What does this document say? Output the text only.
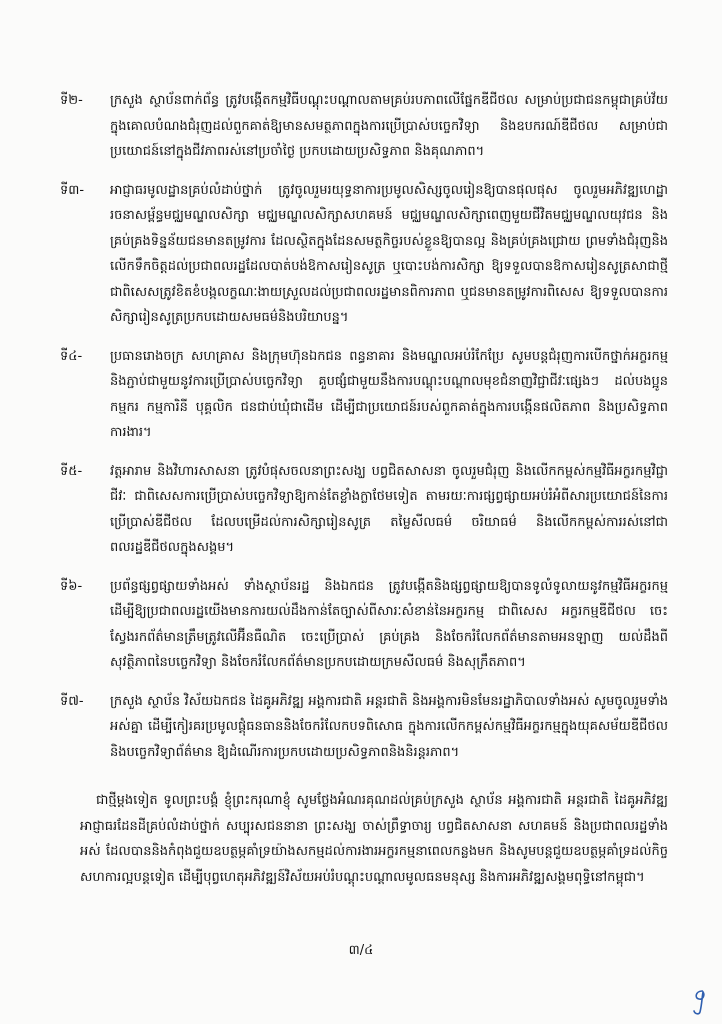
ទី២-	ក្រសួង ស្ថាប័នពាក់ព័ន្ធ ត្រូវបង្កើតកម្មវិធីបណ្តុះបណ្តាលតាមគ្រប់របភាពលើផ្នែកឌីជីថល សម្រាប់ប្រជាជនកម្ពុជាគ្រប់វ័យ ក្នុងគោលបំណងជំរុញដល់ពួកគាត់ឱ្យមានសមត្ថភាពក្នុងការប្រើប្រាស់បច្ចេកវិទ្យា និងឧបករណ៍ឌីជីថល សម្រាប់ជាប្រយោជន៍នៅក្នុងជីវភាពរស់នៅប្រចាំថ្ងៃ ប្រកបដោយប្រសិទ្ធភាព និងគុណភាព។
ទី៣-	អាជ្ញាធរមូលដ្ឋានគ្រប់លំដាប់ថ្នាក់ ត្រូវចូលរួមរយុទ្ធនាការប្រមូលសិស្សចូលរៀនឱ្យបានផុលផុស ចូលរួមអភិវឌ្ឍហេដ្ឋារចនាសម្ព័ន្ធមជ្ឈមណ្ឌលសិក្សា មជ្ឈមណ្ឌលសិក្សាសហគមន៍ មជ្ឈមណ្ឌលសិក្សាពេញមួយជីវិតមជ្ឈមណ្ឌលយុវជន និងគ្រប់គ្រងទិន្នន័យជនមានតម្រូវការ ដែលស្ថិតក្នុងដែនសមត្ថកិច្ចរបស់ខ្លួនឱ្យបានល្អ និងគ្រប់គ្រងជ្រោយ ព្រមទាំងជំរុញនិងលើកទឹកចិត្តដល់ប្រជាពលរដ្ឋដែលបាត់បង់ឱកាសរៀនសូត្រ ឬបោះបង់ការសិក្សា ឱ្យទទួលបានឱកាសរៀនសូត្រសាជាថ្មី ជាពិសេសត្រូវខិតខំបង្កលក្ខណៈងាយស្រួលដល់ប្រជាពលរដ្ឋមានពិការភាព ឬជនមានតម្រូវការពិសេស ឱ្យទទួលបានការសិក្សារៀនសូត្រប្រកបដោយសមធម៌និងបរិយាបន្ន។
ទី៤-	ប្រធានរោងចក្រ សហគ្រាស និងក្រុមហ៊ុនឯកជន ពន្ធនាគារ និងមណ្ឌលអប់រំកែប្រែ សូមបន្តជំរុញការបើកថ្នាក់អក្ខរកម្ម និងភ្ជាប់ជាមួយនូវការប្រើប្រាស់បច្ចេកវិទ្យា គួបផ្សំជាមួយនឹងការបណ្តុះបណ្តាលមុខជំនាញវិជ្ជាជីវៈផ្សេងៗ ដល់បងប្អូនកម្មករ កម្មការិនី បុគ្គលិក ជនជាប់ឃុំជាដើម ដើម្បីជាប្រយោជន៍របស់ពួកគាត់ក្នុងការបង្កើនផលិតភាព និងប្រសិទ្ធភាពការងារ។
ទី៥-	វត្តអារាម និងវិហារសាសនា ត្រូវបំផុសចលនាព្រះសង្ឃ បព្វជិតសាសនា ចូលរួមជំរុញ និងលើកកម្ពស់កម្មវិធីអក្ខរកម្មវិជ្ជាជីវៈ ជាពិសេសការប្រើប្រាស់បច្ចេកវិទ្យាឱ្យកាន់តែខ្លាំងក្លាថែមទៀត តាមរយៈការផ្សព្វផ្សាយអប់រំអំពីសារប្រយោជន៍នៃការប្រើប្រាស់ឌីជីថល ដែលបម្រើដល់ការសិក្សារៀនសូត្រ តម្លៃសីលធម៌ ចរិយាធម៌ និងលើកកម្ពស់ការរស់នៅជាពលរដ្ឋឌីជីថលក្នុងសង្គម។
ទី៦-	ប្រព័ន្ធផ្សព្វផ្សាយទាំងអស់ ទាំងស្ថាប័នរដ្ឋ និងឯកជន ត្រូវបង្កើតនិងផ្សព្វផ្សាយឱ្យបានទូលំទូលាយនូវកម្មវិធីអក្ខរកម្ម ដើម្បីឱ្យប្រជាពលរដ្ឋយើងមានការយល់ដឹងកាន់តែច្បាស់ពីសារៈសំខាន់នៃអក្ខរកម្ម ជាពិសេស អក្ខរកម្មឌីជីថល ចេះស្វែងរកព័ត៌មានត្រឹមត្រូវលើអ៊ីនធឺណិត ចេះប្រើប្រាស់ គ្រប់គ្រង និងចែករំលែកព័ត៌មានតាមអនឡាញ យល់ដឹងពីសុវត្ថិភាពនៃបច្ចេកវិទ្យា និងចែករំលែកព័ត៌មានប្រកបដោយក្រមសីលធម៌ និងសុក្រឹតភាព។
ទី៧-	ក្រសួង ស្ថាប័ន វិស័យឯកជន ដៃគូអភិវឌ្ឍ អង្គការជាតិ អន្តរជាតិ និងអង្គការមិនមែនរដ្ឋាភិបាលទាំងអស់ សូមចូលរួមទាំងអស់គ្នា ដើម្បីកៀរគរប្រមូលផ្តុំធនធាននិងចែករំលែកបទពិសោធ ក្នុងការលើកកម្ពស់កម្មវិធីអក្ខរកម្មក្នុងយុគសម័យឌីជីថលនិងបច្ចេកវិទ្យាព័ត៌មាន ឱ្យដំណើរការប្រកបដោយប្រសិទ្ធភាពនិងនិរន្តរភាព។
ជាថ្មីម្តងទៀត ទូលព្រះបង្គំ ខ្ញុំព្រះករុណាខ្ញុំ សូមថ្លែងអំណរគុណដល់គ្រប់ក្រសួង ស្ថាប័ន អង្គការជាតិ អន្តរជាតិ ដៃគូអភិវឌ្ឍ អាជ្ញាធរដែនដីគ្រប់លំដាប់ថ្នាក់ សប្បុរសជននានា ព្រះសង្ឃ ចាស់ព្រឹទ្ធាចារ្យ បព្វជិតសាសនា សហគមន៍ និងប្រជាពលរដ្ឋទាំងអស់ ដែលបាននិងកំពុងជួយឧបត្ថម្ភគាំទ្រយ៉ាងសកម្មដល់ការងារអក្ខរកម្មនាពេលកន្លងមក និងសូមបន្តជួយឧបត្ថម្ភគាំទ្រដល់កិច្ចសហការល្អបន្តទៀត ដើម្បីបុព្វហេតុអភិវឌ្ឍន៍វិស័យអប់រំបណ្តុះបណ្តាលមូលធនមនុស្ស និងការអភិវឌ្ឍសង្គមពុទ្ធិនៅកម្ពុជា។
៣/៤
